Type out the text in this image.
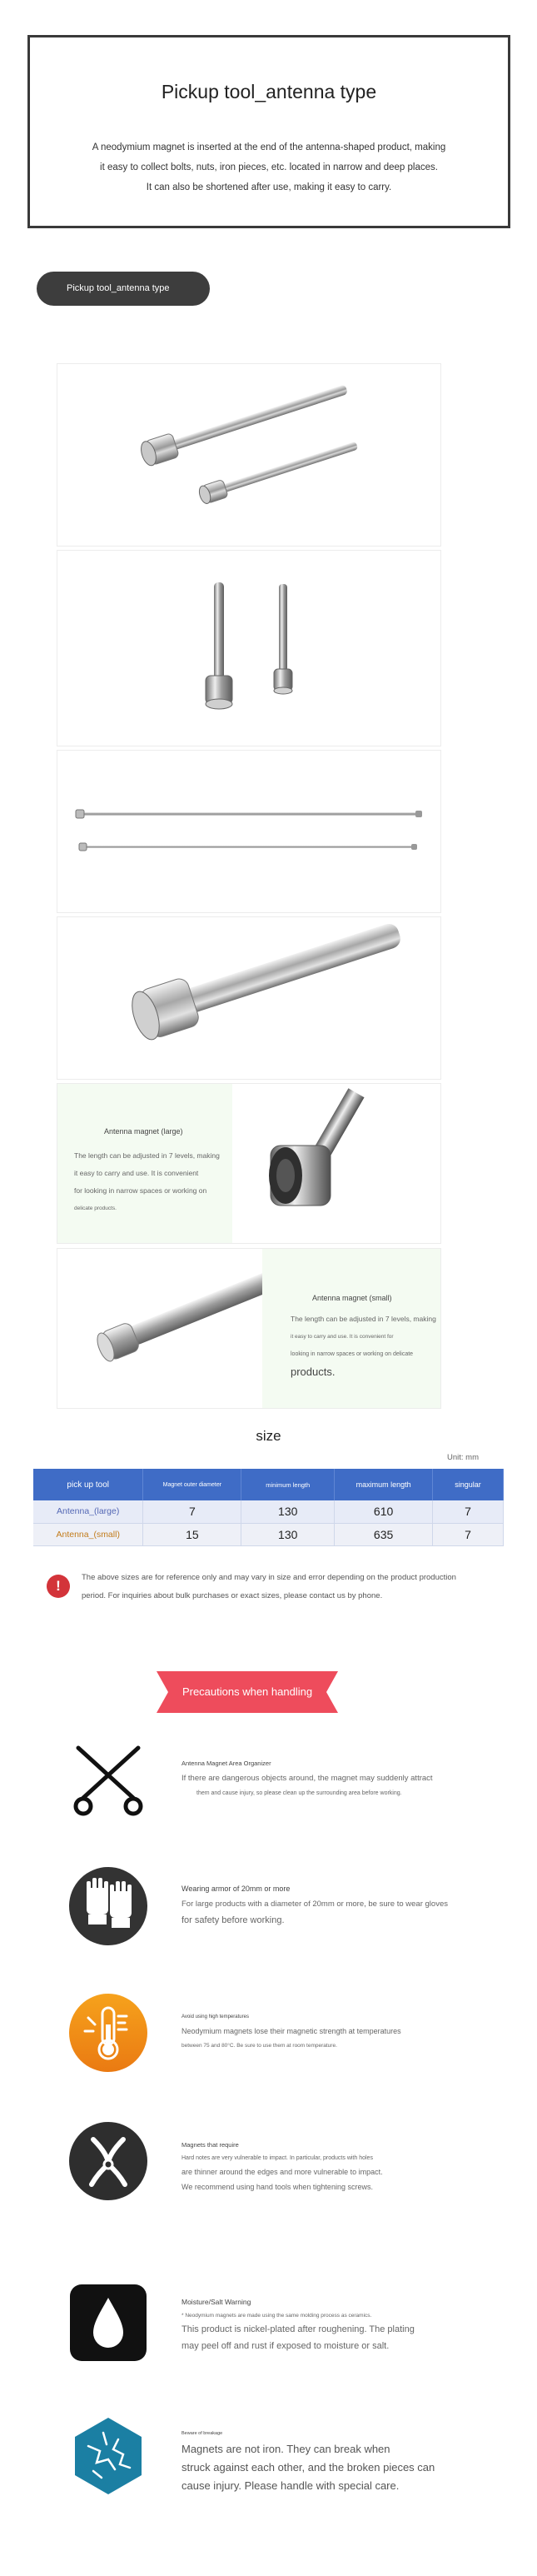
Pickup tool_antenna type

A neodymium magnet is inserted at the end of the antenna-shaped product, making

it easy to collect bolts, nuts, iron pieces, etc. located in narrow and deep places.

It can also be shortened after use, making it easy to carry.

Pickup tool_antenna type
Antenna magnet (large)
The length can be adjusted in 7 levels, making
it easy to carry and use. It is convenient
for looking in narrow spaces or working on
delicate products.
Antenna magnet (small)
The length can be adjusted in 7 levels, making
it easy to carry and use. It is convenient for
looking in narrow spaces or working on delicate
products.
size
Unit: mm
pick up tool	Magnet outer diameter	minimum length	maximum length	singular
Antenna_(large)	7	130	610	7
Antenna_(small)	15	130	635	7
!
The above sizes are for reference only and may vary in size and error depending on the product production
period. For inquiries about bulk purchases or exact sizes, please contact us by phone.
Precautions when handling
Antenna Magnet Area Organizer
If there are dangerous objects around, the magnet may suddenly attract
them and cause injury, so please clean up the surrounding area before working.
Wearing armor of 20mm or more
For large products with a diameter of 20mm or more, be sure to wear gloves
for safety before working.
Avoid using high temperatures
Neodymium magnets lose their magnetic strength at temperatures
between 75 and 80°C. Be sure to use them at room temperature.
Magnets that require
Hard notes are very vulnerable to impact. In particular, products with holes
are thinner around the edges and more vulnerable to impact.
We recommend using hand tools when tightening screws.
Moisture/Salt Warning
* Neodymium magnets are made using the same molding process as ceramics.
This product is nickel-plated after roughening. The plating
may peel off and rust if exposed to moisture or salt.
Beware of breakage
Magnets are not iron. They can break when
struck against each other, and the broken pieces can
cause injury. Please handle with special care.
